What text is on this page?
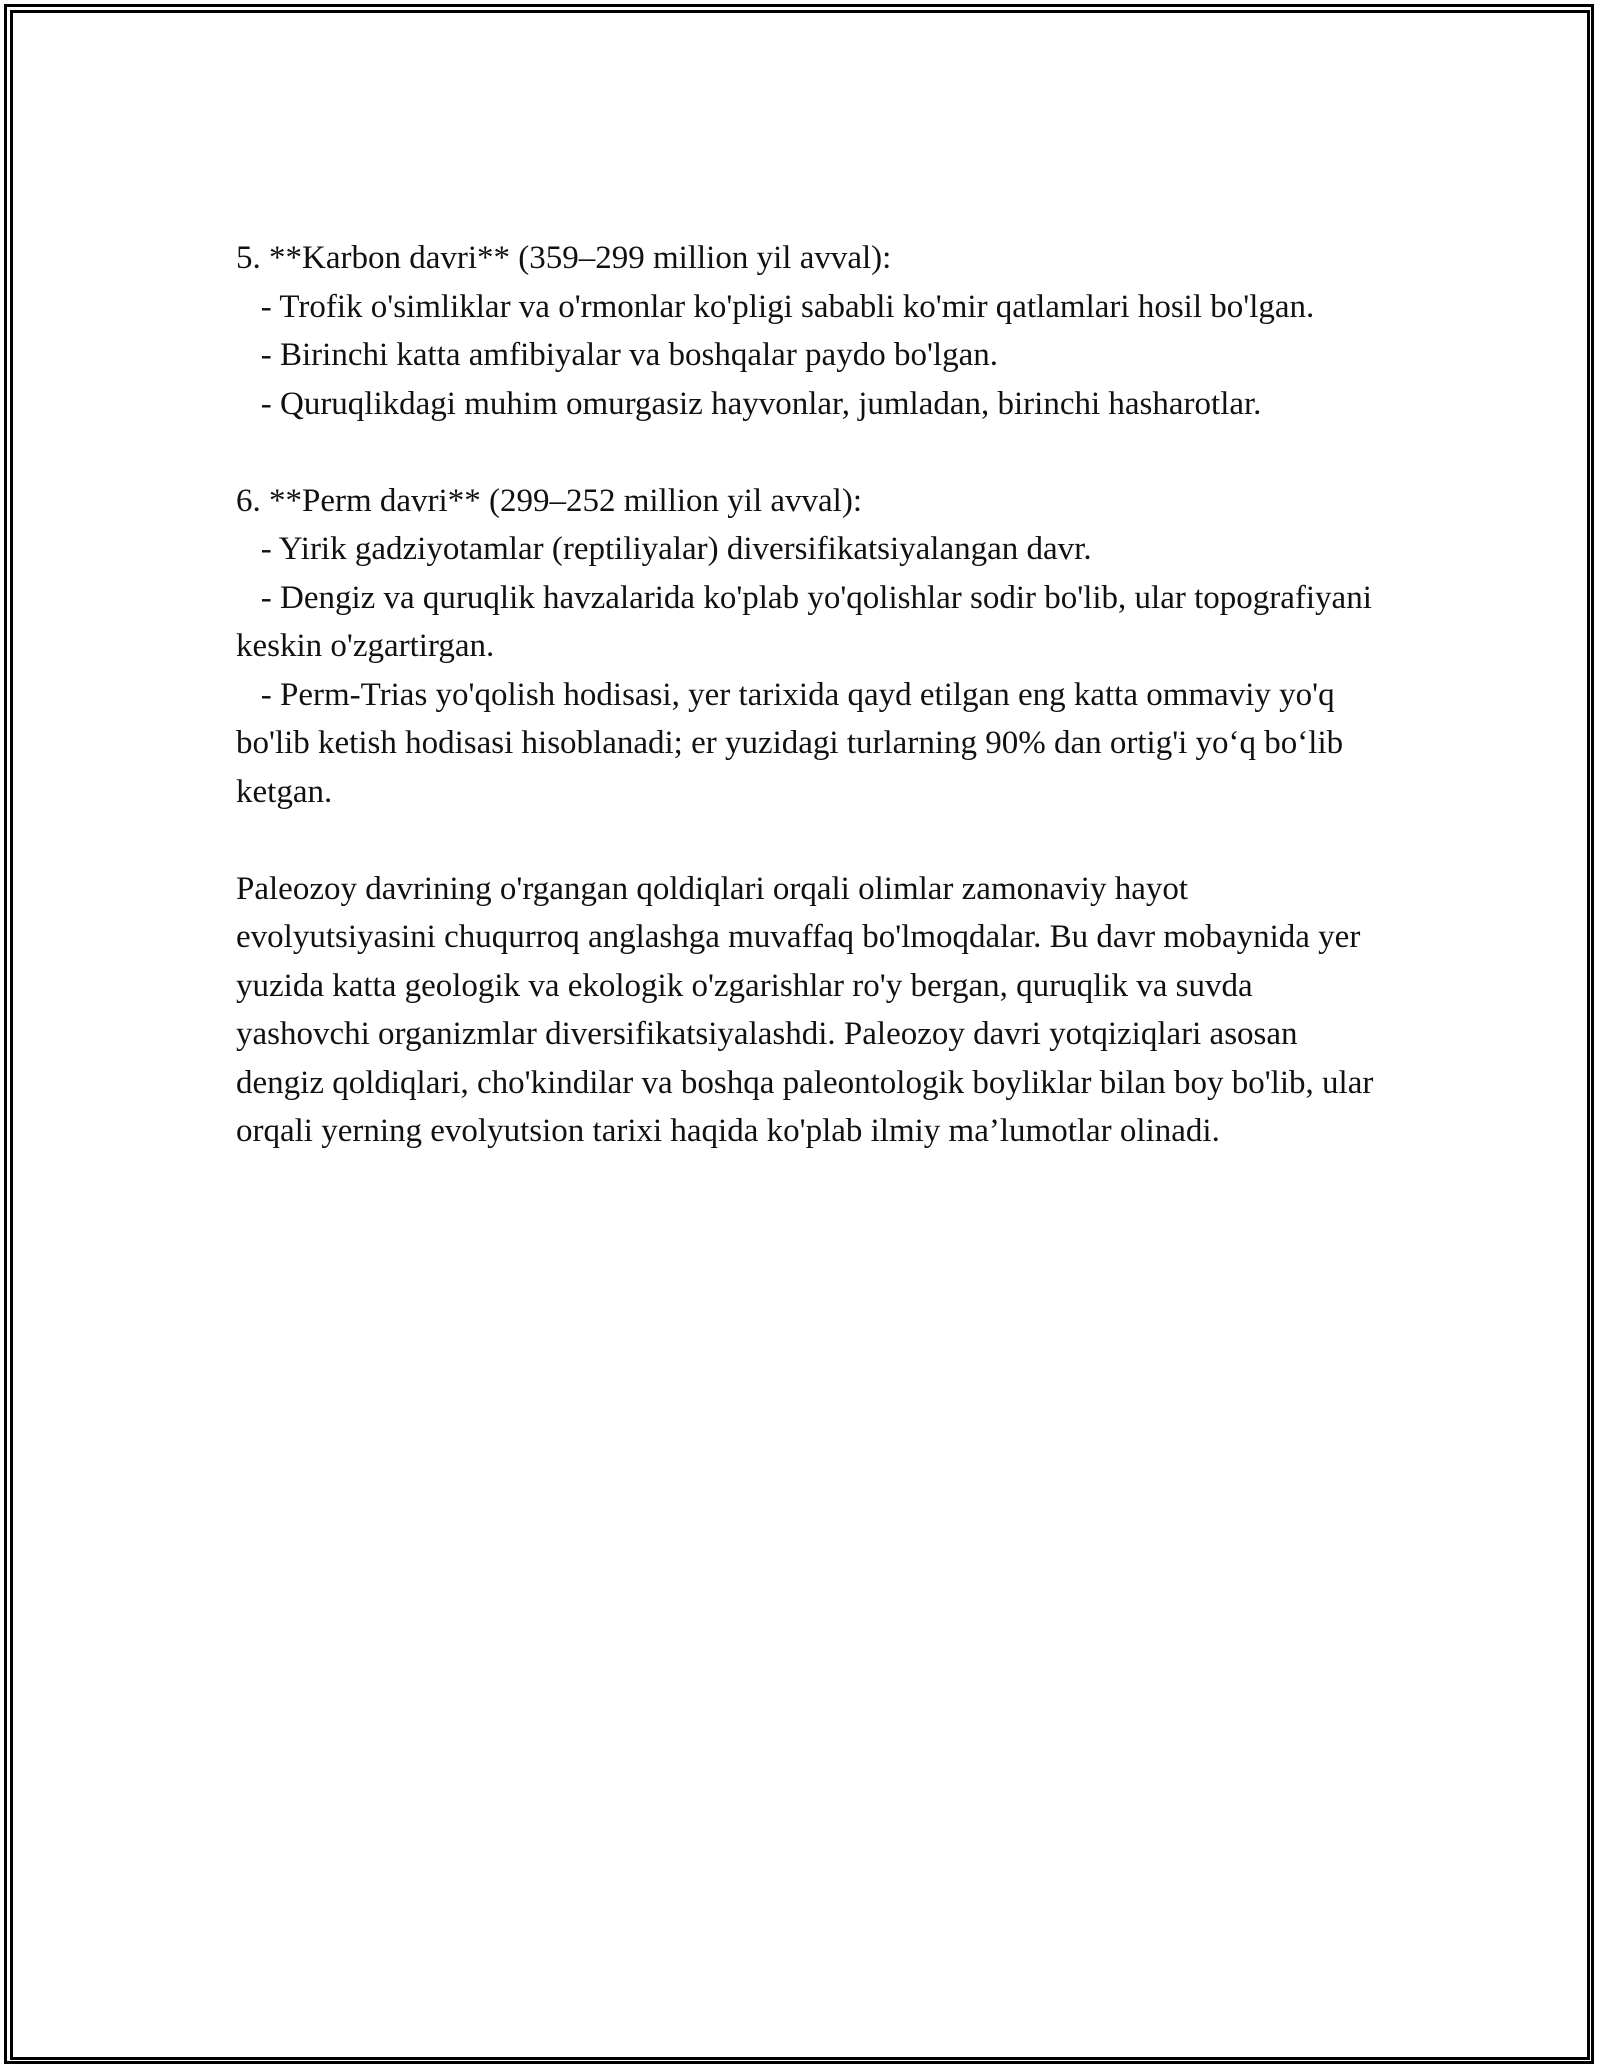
5. **Karbon davri** (359–299 million yil avval):

- Trofik o'simliklar va o'rmonlar ko'pligi sababli ko'mir qatlamlari hosil bo'lgan.

- Birinchi katta amfibiyalar va boshqalar paydo bo'lgan.

- Quruqlikdagi muhim omurgasiz hayvonlar, jumladan, birinchi hasharotlar.

6. **Perm davri** (299–252 million yil avval):

- Yirik gadziyotamlar (reptiliyalar) diversifikatsiyalangan davr.

- Dengiz va quruqlik havzalarida ko'plab yo'qolishlar sodir bo'lib, ular topografiyani keskin o'zgartirgan.

- Perm-Trias yo'qolish hodisasi, yer tarixida qayd etilgan eng katta ommaviy yo'q bo'lib ketish hodisasi hisoblanadi; er yuzidagi turlarning 90% dan ortig'i yo‘q bo‘lib ketgan.

Paleozoy davrining o'rgangan qoldiqlari orqali olimlar zamonaviy hayot evolyutsiyasini chuqurroq anglashga muvaffaq bo'lmoqdalar. Bu davr mobaynida yer yuzida katta geologik va ekologik o'zgarishlar ro'y bergan, quruqlik va suvda yashovchi organizmlar diversifikatsiyalashdi. Paleozoy davri yotqiziqlari asosan dengiz qoldiqlari, cho'kindilar va boshqa paleontologik boyliklar bilan boy bo'lib, ular orqali yerning evolyutsion tarixi haqida ko'plab ilmiy ma’lumotlar olinadi.
